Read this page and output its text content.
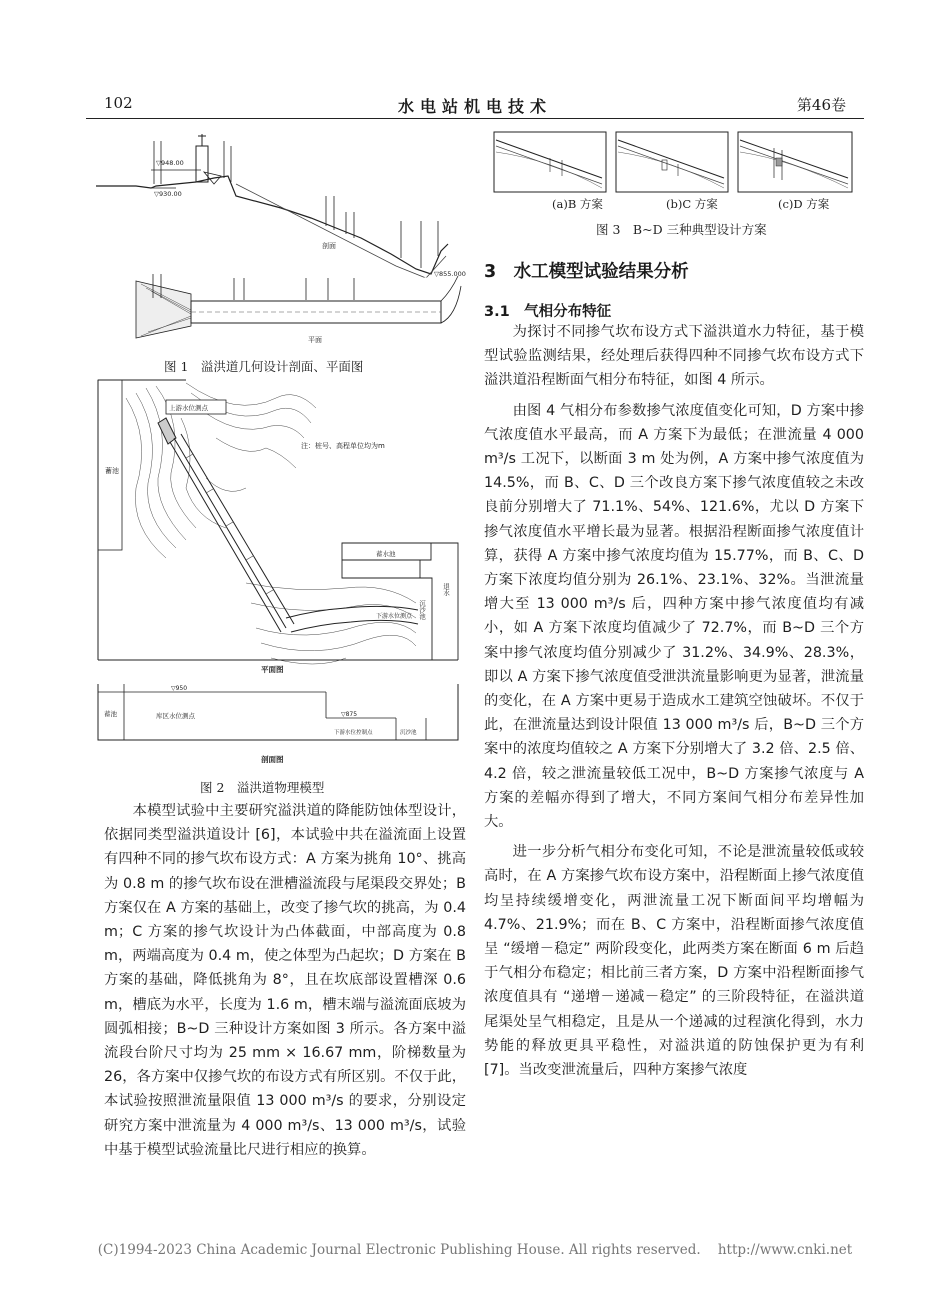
102	水电站机电技术	第46卷
▽948.00
▽930.00
▽855.000
剖面
平面
图 1　溢洪道几何设计剖面、平面图
蓄池
上游水位测点
注：桩号、高程单位均为m
蓄水池
沉沙池
退水
下游水位测点
平面图
蓄池
▽950
库区水位测点	▽875
下游水位控制点	沉沙池
剖面图
图 2　溢洪道物理模型

本模型试验中主要研究溢洪道的降能防蚀体型设计，依据同类型溢洪道设计 [6]，本试验中共在溢流面上设置有四种不同的掺气坎布设方式：A 方案为挑角 10°、挑高为 0.8 m 的掺气坎布设在泄槽溢流段与尾渠段交界处；B 方案仅在 A 方案的基础上，改变了掺气坎的挑高，为 0.4 m；C 方案的掺气坎设计为凸体截面，中部高度为 0.8 m，两端高度为 0.4 m，使之体型为凸起坎；D 方案在 B 方案的基础，降低挑角为 8°，且在坎底部设置槽深 0.6 m，槽底为水平，长度为 1.6 m，槽末端与溢流面底坡为圆弧相接；B~D 三种设计方案如图 3 所示。各方案中溢流段台阶尺寸均为 25 mm × 16.67 mm，阶梯数量为 26，各方案中仅掺气坎的布设方式有所区别。不仅于此，本试验按照泄流量限值 13 000 m³/s 的要求，分别设定研究方案中泄流量为 4 000 m³/s、13 000 m³/s，试验中基于模型试验流量比尺进行相应的换算。

(a)B 方案	(b)C 方案	(c)D 方案
图 3　B~D 三种典型设计方案
3　水工模型试验结果分析
3.1　气相分布特征

为探讨不同掺气坎布设方式下溢洪道水力特征，基于模型试验监测结果，经处理后获得四种不同掺气坎布设方式下溢洪道沿程断面气相分布特征，如图 4 所示。

由图 4 气相分布参数掺气浓度值变化可知，D 方案中掺气浓度值水平最高，而 A 方案下为最低；在泄流量 4 000 m³/s 工况下，以断面 3 m 处为例，A 方案中掺气浓度值为 14.5%，而 B、C、D 三个改良方案下掺气浓度值较之未改良前分别增大了 71.1%、54%、121.6%，尤以 D 方案下掺气浓度值水平增长最为显著。根据沿程断面掺气浓度值计算，获得 A 方案中掺气浓度均值为 15.77%，而 B、C、D 方案下浓度均值分别为 26.1%、23.1%、32%。当泄流量增大至 13 000 m³/s 后，四种方案中掺气浓度值均有减小，如 A 方案下浓度均值减少了 72.7%，而 B~D 三个方案中掺气浓度均值分别减少了 31.2%、34.9%、28.3%，即以 A 方案下掺气浓度值受泄洪流量影响更为显著，泄流量的变化，在 A 方案中更易于造成水工建筑空蚀破坏。不仅于此，在泄流量达到设计限值 13 000 m³/s 后，B~D 三个方案中的浓度均值较之 A 方案下分别增大了 3.2 倍、2.5 倍、4.2 倍，较之泄流量较低工况中，B~D 方案掺气浓度与 A 方案的差幅亦得到了增大，不同方案间气相分布差异性加大。

进一步分析气相分布变化可知，不论是泄流量较低或较高时，在 A 方案掺气坎布设方案中，沿程断面上掺气浓度值均呈持续缓增变化，两泄流量工况下断面间平均增幅为 4.7%、21.9%；而在 B、C 方案中，沿程断面掺气浓度值呈 “缓增－稳定” 两阶段变化，此两类方案在断面 6 m 后趋于气相分布稳定；相比前三者方案，D 方案中沿程断面掺气浓度值具有 “递增－递减－稳定” 的三阶段特征，在溢洪道尾渠处呈气相稳定，且是从一个递减的过程演化得到，水力势能的释放更具平稳性，对溢洪道的防蚀保护更为有利 [7]。当改变泄流量后，四种方案掺气浓度

(C)1994-2023 China Academic Journal Electronic Publishing House. All rights reserved. http://www.cnki.net
